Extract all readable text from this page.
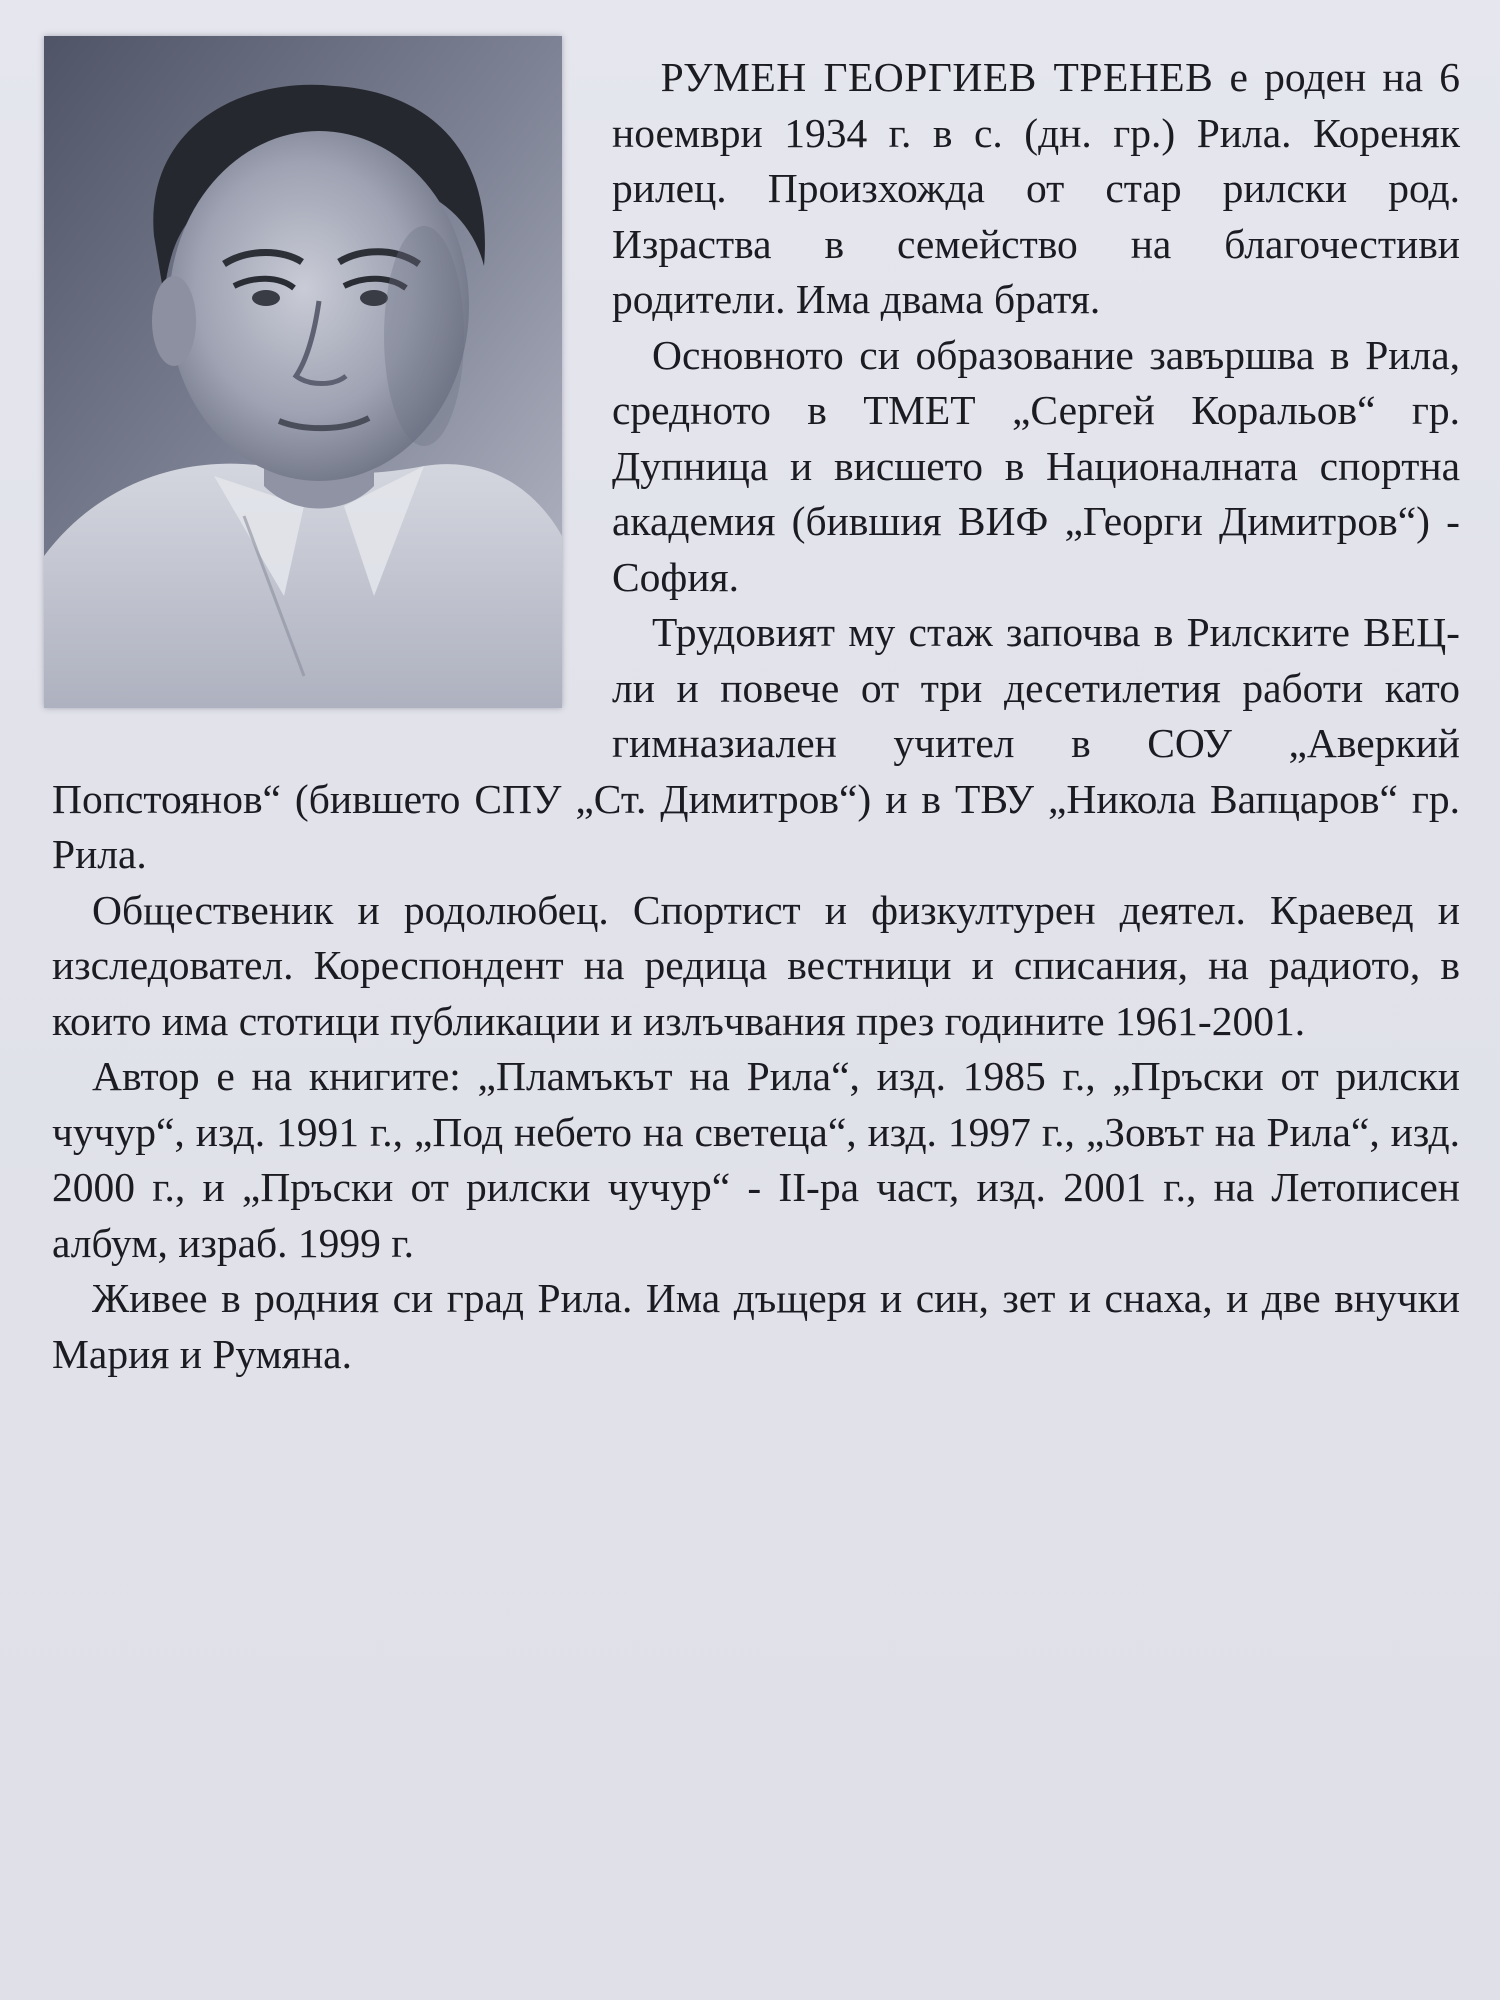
РУМЕН ГЕОРГИЕВ ТРЕНЕВ е роден на 6 ноември 1934 г. в с. (дн. гр.) Рила. Кореняк рилец. Произхожда от стар рилски род. Израства в семейство на благочестиви родители. Има двама братя.

Основното си образование завършва в Рила, средното в ТМЕТ „Сергей Коральов“ гр. Дупница и висшето в Националната спортна академия (бившия ВИФ „Георги Димитров“) - София.

Трудовият му стаж започва в Рилските ВЕЦ-ли и повече от три десетилетия работи като гимназиален учител в СОУ „Аверкий Попстоянов“ (бившето СПУ „Ст. Димитров“) и в ТВУ „Никола Вапцаров“ гр. Рила.

Общественик и родолюбец. Спортист и физкултурен деятел. Краевед и изследовател. Кореспондент на редица вестници и списания, на радиото, в които има стотици публикации и излъчвания през годините 1961-2001.

Автор е на книгите: „Пламъкът на Рила“, изд. 1985 г., „Пръски от рилски чучур“, изд. 1991 г., „Под небето на светеца“, изд. 1997 г., „Зовът на Рила“, изд. 2000 г., и „Пръски от рилски чучур“ - II-ра част, изд. 2001 г., на Летописен албум, израб. 1999 г.

Живее в родния си град Рила. Има дъщеря и син, зет и снаха, и две внучки Мария и Румяна.
